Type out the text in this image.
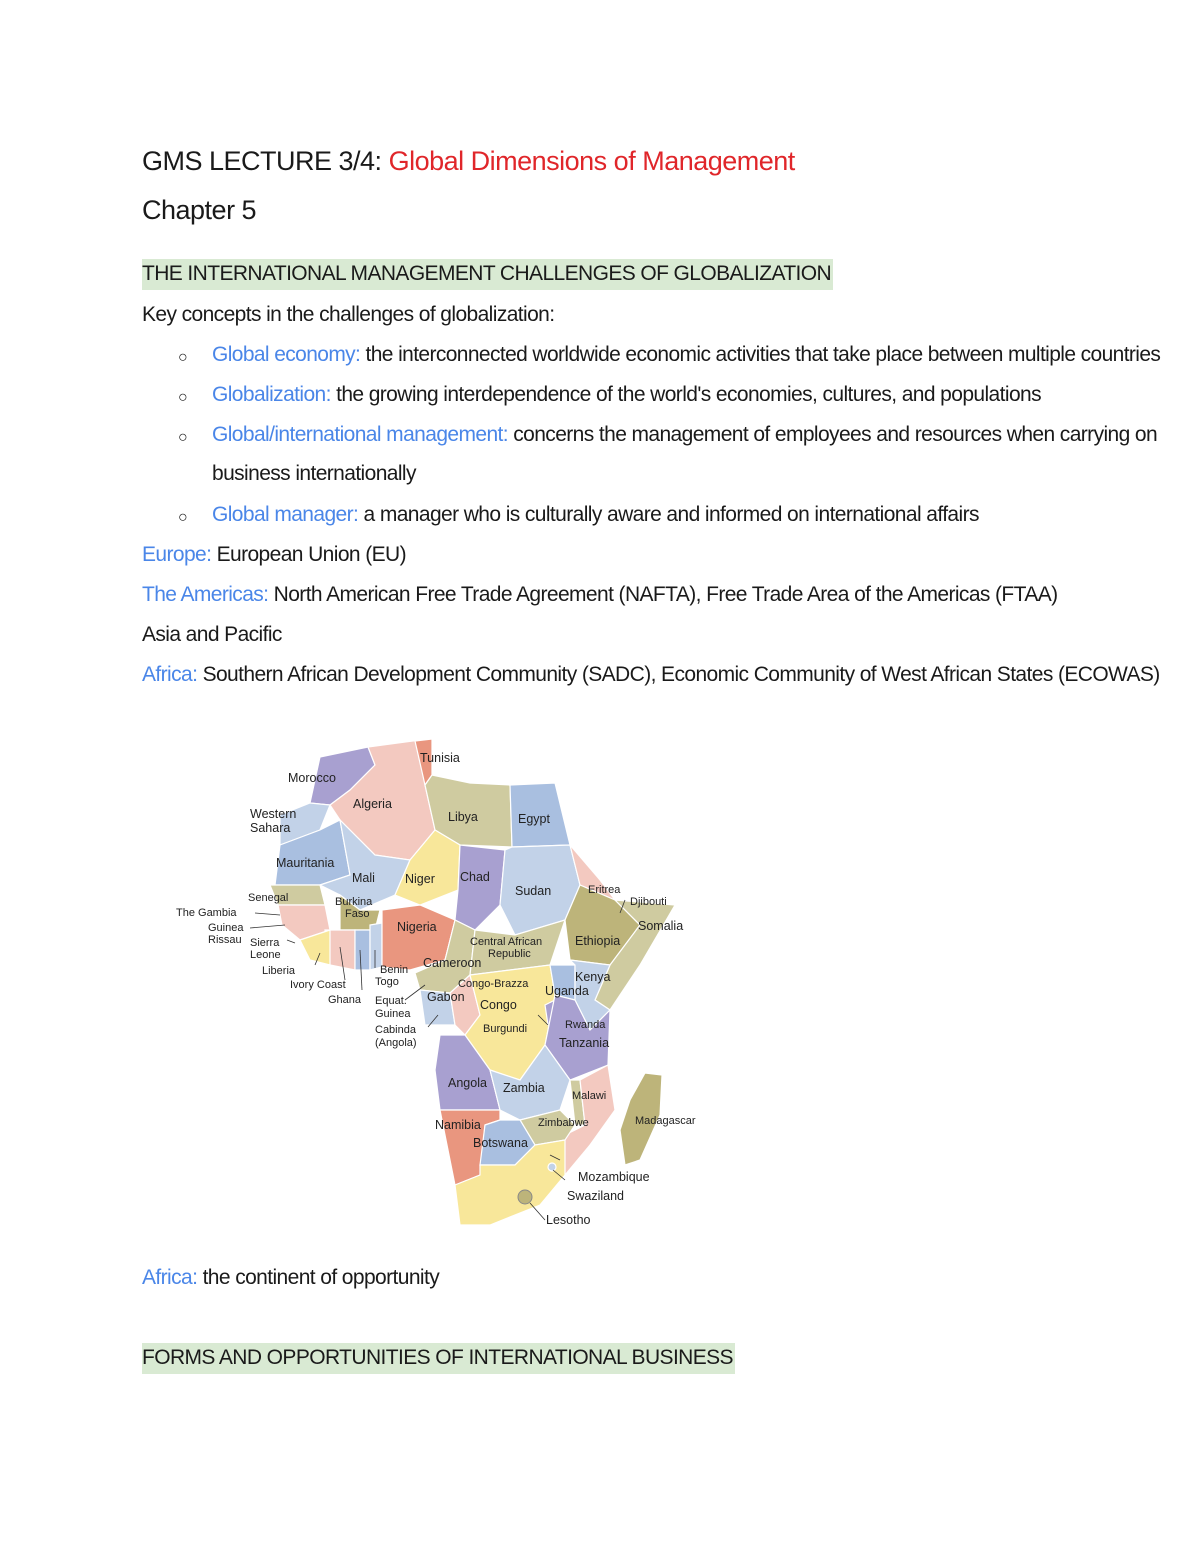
GMS LECTURE 3/4: Global Dimensions of Management
Chapter 5
THE INTERNATIONAL MANAGEMENT CHALLENGES OF GLOBALIZATION
Key concepts in the challenges of globalization:
○ Global economy: the interconnected worldwide economic activities that take place between multiple countries
○ Globalization: the growing interdependence of the world's economies, cultures, and populations
○ Global/international management: concerns the management of employees and resources when carrying on
business internationally
○ Global manager: a manager who is culturally aware and informed on international affairs
Europe: European Union (EU)
The Americas: North American Free Trade Agreement (NAFTA), Free Trade Area of the Americas (FTAA)
Asia and Pacific
Africa: Southern African Development Community (SADC), Economic Community of West African States (ECOWAS)
Africa: the continent of opportunity
FORMS AND OPPORTUNITIES OF INTERNATIONAL BUSINESS
Tunisia
Morocco
Algeria
Libya	Egypt
Western
Sahara
Mauritania
Mali Niger Chad
Sudan	Eritrea
Djibouti
Senegal
The Gambia
Guinea
Rissau
Burkina
Faso
Nigeria
Ethiopia
Somalia
Sierra
Leone
Liberia
Ivory Coast
Ghana
Benin
Togo
Central African
Republic
Cameroon
Kenya
Congo-Brazza Uganda
Gabon
Congo
Equat.
Guinea
Cabinda
(Angola)
Burgundi	Rwanda
Tanzania
Angola Zambia
Malawi
Madagascar
Namibia
Botswana
Zimbabwe
Mozambique
Swaziland
Lesotho
